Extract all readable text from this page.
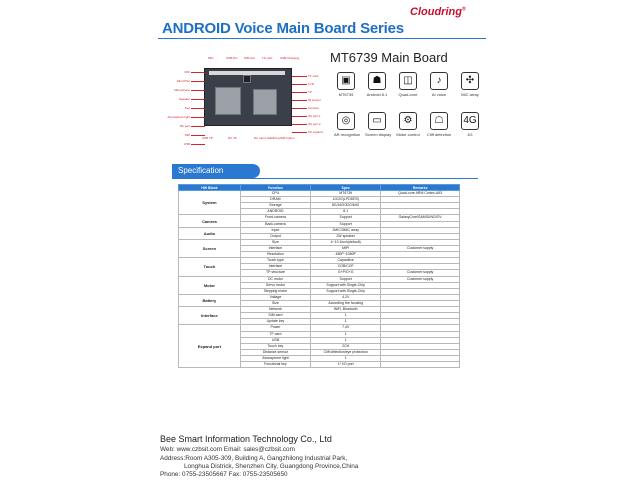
ANDROID Voice Main Board Series
Cloudring®
MIC
Mini PCIe
Microphone
Speaker
Key
Atmosphere light
RF port
SIM
USB
TF card
LCD
TP
IR sensor
Camera
4G port 1
4G port 2
I/O expand
MIC	USB-DC SIM slot TF card	USB-Charging
USB TP	DC-TF	DC input stabilizing SIM button
MT6739 Main Board
▣
MT6739
☗
Android 8.1
◫
Quad-core
♪
AI voice
✣
MIC array
◎
AR recognition
▭
Screen display
⚙
Motor control
☖
Cliff detection
4G
4G
Specification
HW Block	Function	Spec	Remarks
System	CPU	MT6739	Quad-core ARM Cortex-A53
	DRAM	1G/2G(LPDDR3)	
	Storage	8G/16G/32G/64G	
	ANDROID	8.1	
Camera	Front-camera	Support	GalaxyCore/SAMSUNG/OV
	Back-camera	Support	
Audio	Input	1MIC/3MIC array	
	Output	2W speaker	
Screen	Size	4~10.1inch(default)	
	Interface	MIPI	Customer supply
	Resolution	480P~1080P	
Touch	Touch type	Capacitive	
	Interface	COB/COF	
	TP structure	G+P/G+G	Customer supply
Motor	DC motor	Support	Customer supply
	Servo motor	Support with Single-Chip	
	Stepping motor	Support with Single-Chip	
Battery	Voltage	4.2V	
	Size	According the housing	
Interface	Network	WiFi, Bluetooth	
	SIM card	1	
	Update key	1	
Expand port	Power	7.4V	
	TF card	1	
	USB	1	
	Touch key	2CH	
	Distance sensor	Cliff detection/eye protection	
	Atmosphere light	1	
	Functional key	1* I/O port	
Bee Smart Information Technology Co., Ltd
Web: www.czbsit.com Email: sales@czbsit.com
Address:Room A305-309, Building A, Gangzhilong Industrial Park,
Longhua Districk, Shenzhen City, Guangdong Province,China
Phone: 0755-23505667 Fax: 0755-23505650
